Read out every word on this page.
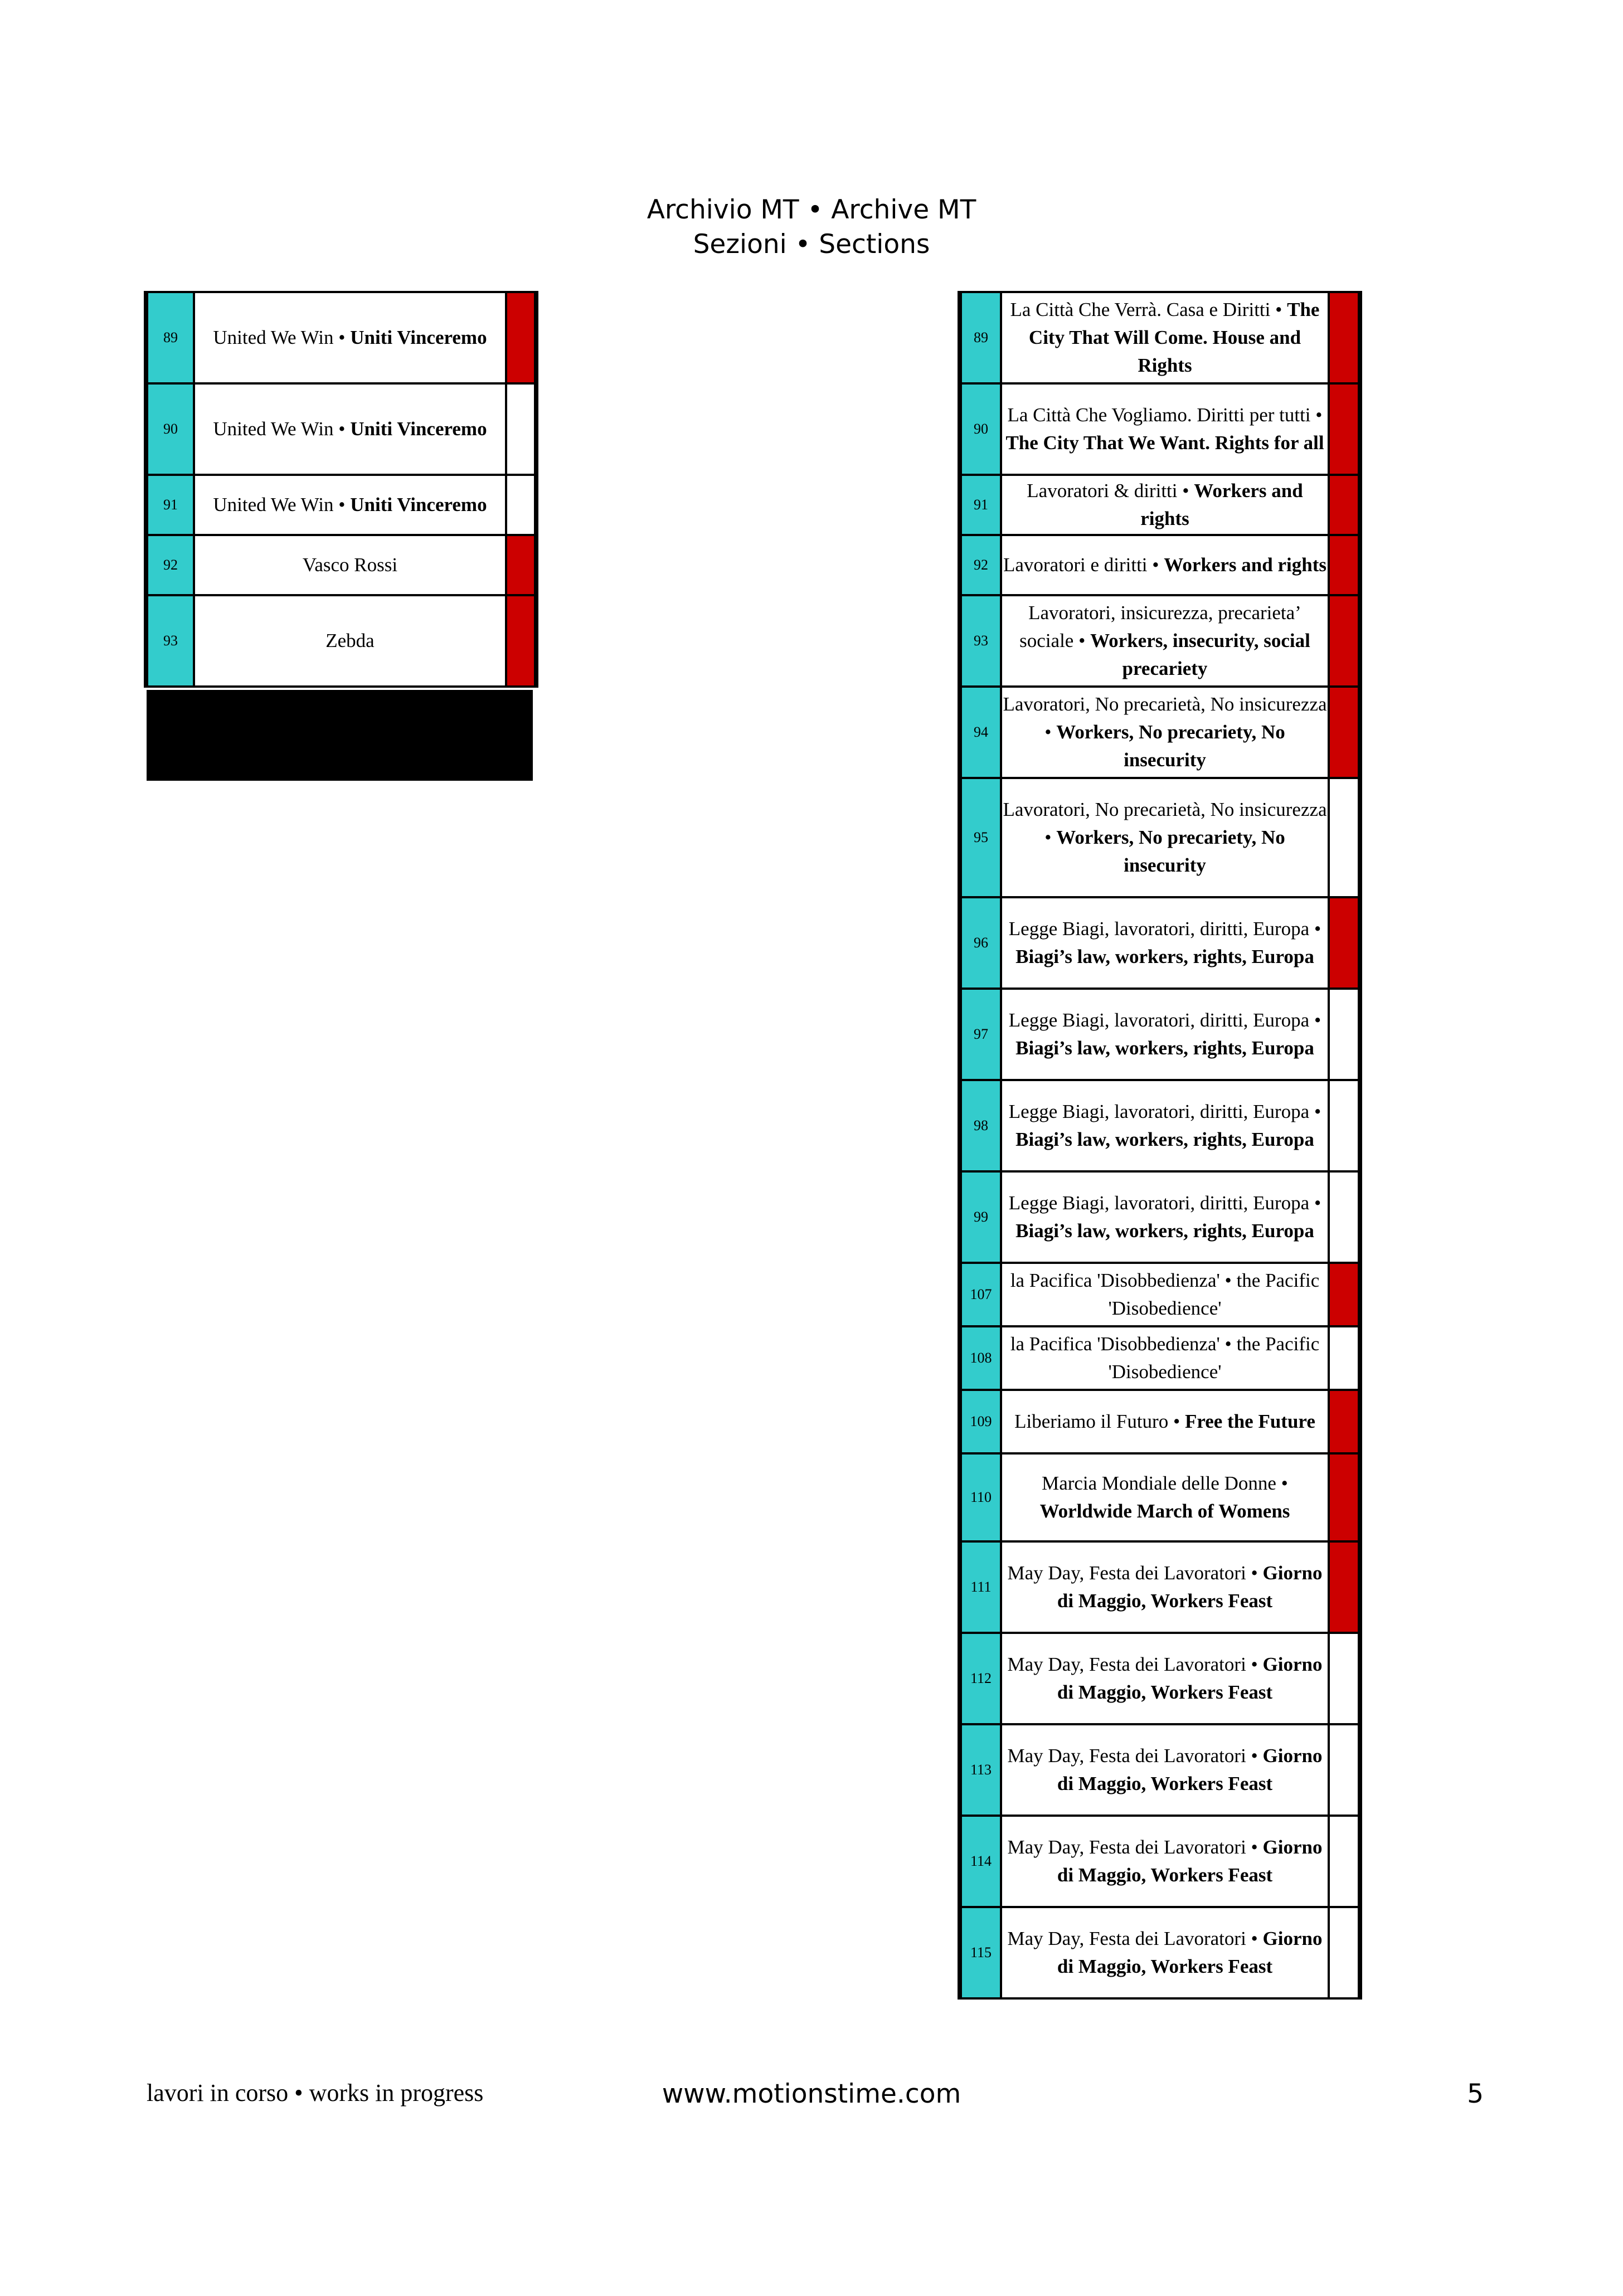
Archivio MT • Archive MT
Sezioni • Sections
89	United We Win • Uniti Vinceremo	
90	United We Win • Uniti Vinceremo	
91	United We Win • Uniti Vinceremo	
92	Vasco Rossi	
93	Zebda	
89	La Città Che Verrà. Casa e Diritti • The City That Will Come. House and Rights	
90	La Città Che Vogliamo. Diritti per tutti • The City That We Want. Rights for all	
91	Lavoratori & diritti • Workers and rights	
92	Lavoratori e diritti • Workers and rights	
93	Lavoratori, insicurezza, precarieta’ sociale • Workers, insecurity, social precariety	
94	Lavoratori, No precarietà, No insicurezza • Workers, No precariety, No insecurity	
95	Lavoratori, No precarietà, No insicurezza • Workers, No precariety, No insecurity	
96	Legge Biagi, lavoratori, diritti, Europa • Biagi’s law, workers, rights, Europa	
97	Legge Biagi, lavoratori, diritti, Europa • Biagi’s law, workers, rights, Europa	
98	Legge Biagi, lavoratori, diritti, Europa • Biagi’s law, workers, rights, Europa	
99	Legge Biagi, lavoratori, diritti, Europa • Biagi’s law, workers, rights, Europa	
107	la Pacifica 'Disobbedienza' • the Pacific 'Disobedience'	
108	la Pacifica 'Disobbedienza' • the Pacific 'Disobedience'	
109	Liberiamo il Futuro • Free the Future	
110	Marcia Mondiale delle Donne • Worldwide March of Womens	
111	May Day, Festa dei Lavoratori • Giorno di Maggio, Workers Feast	
112	May Day, Festa dei Lavoratori • Giorno di Maggio, Workers Feast	
113	May Day, Festa dei Lavoratori • Giorno di Maggio, Workers Feast	
114	May Day, Festa dei Lavoratori • Giorno di Maggio, Workers Feast	
115	May Day, Festa dei Lavoratori • Giorno di Maggio, Workers Feast	
lavori in corso • works in progress	www.motionstime.com	5
